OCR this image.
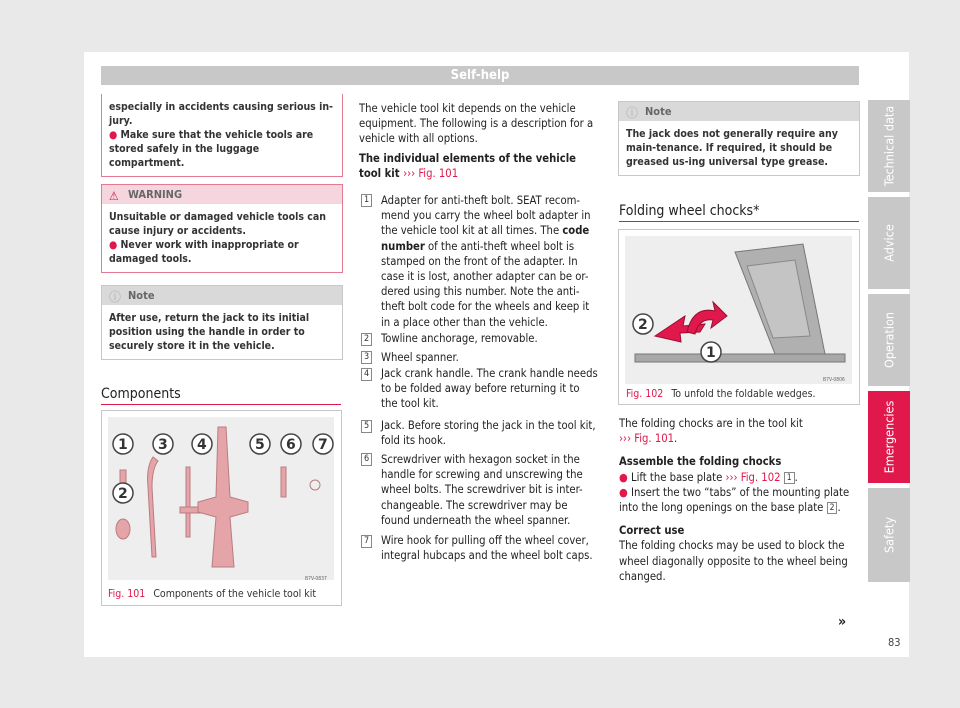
Self-help
Technical data
Advice
Operation
Emergencies
Safety

especially in accidents causing serious in-jury.

● Make sure that the vehicle tools are stored safely in the luggage compartment.

⚠ WARNING

Unsuitable or damaged vehicle tools can cause injury or accidents.

● Never work with inappropriate or damaged tools.

ⓘ Note

After use, return the jack to its initial position using the handle in order to securely store it in the vehicle.

Components
1
2
3 4	5 6 7
B7V-0837
Fig. 101 Components of the vehicle tool kit

The vehicle tool kit depends on the vehicle equipment. The following is a description for a vehicle with all options.

The individual elements of the vehicle tool kit ››› Fig. 101

Adapter for anti-theft bolt. SEAT recom-mend you carry the wheel bolt adapter in the vehicle tool kit at all times. The code number of the anti-theft wheel bolt is stamped on the front of the adapter. In case it is lost, another adapter can be or-dered using this number. Note the anti-theft bolt code for the wheels and keep it in a place other than the vehicle.

1

Towline anchorage, removable.

2

Wheel spanner.

3

Jack crank handle. The crank handle needs to be folded away before returning it to the tool kit.

4

Jack. Before storing the jack in the tool kit, fold its hook.

5

Screwdriver with hexagon socket in the handle for screwing and unscrewing the wheel bolts. The screwdriver bit is inter-changeable. The screwdriver may be found underneath the wheel spanner.

6

Wire hook for pulling off the wheel cover, integral hubcaps and the wheel bolt caps.

7
ⓘ Note

The jack does not generally require any main-tenance. If required, it should be greased us-ing universal type grease.

Folding wheel chocks*
2
1
B7V-0806
Fig. 102 To unfold the foldable wedges.

The folding chocks are in the tool kit
››› Fig. 101.

Assemble the folding chocks

● Lift the base plate ››› Fig. 102 1 .

● Insert the two “tabs” of the mounting plate into the long openings on the base plate 2 .

Correct use

The folding chocks may be used to block the wheel diagonally opposite to the wheel being changed.

»
83
